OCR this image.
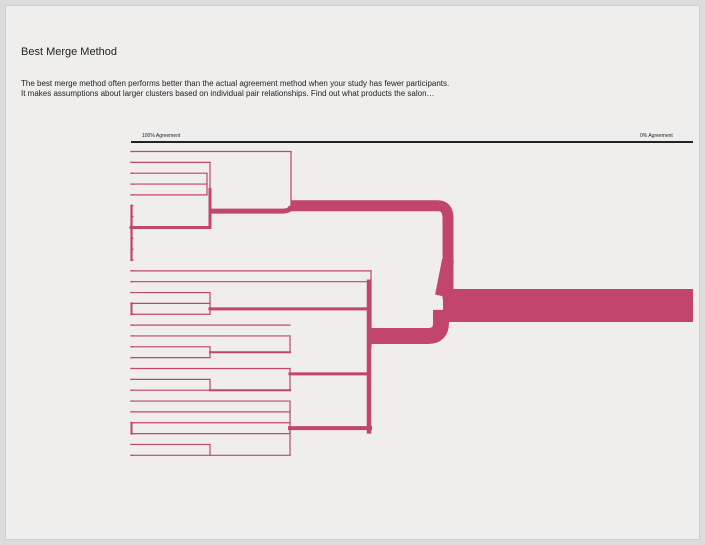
Best Merge Method
The best merge method often performs better than the actual agreement method when your study has fewer participants.
It makes assumptions about larger clusters based on individual pair relationships. Find out what products the salon…
100% Agreement	0% Agreement
